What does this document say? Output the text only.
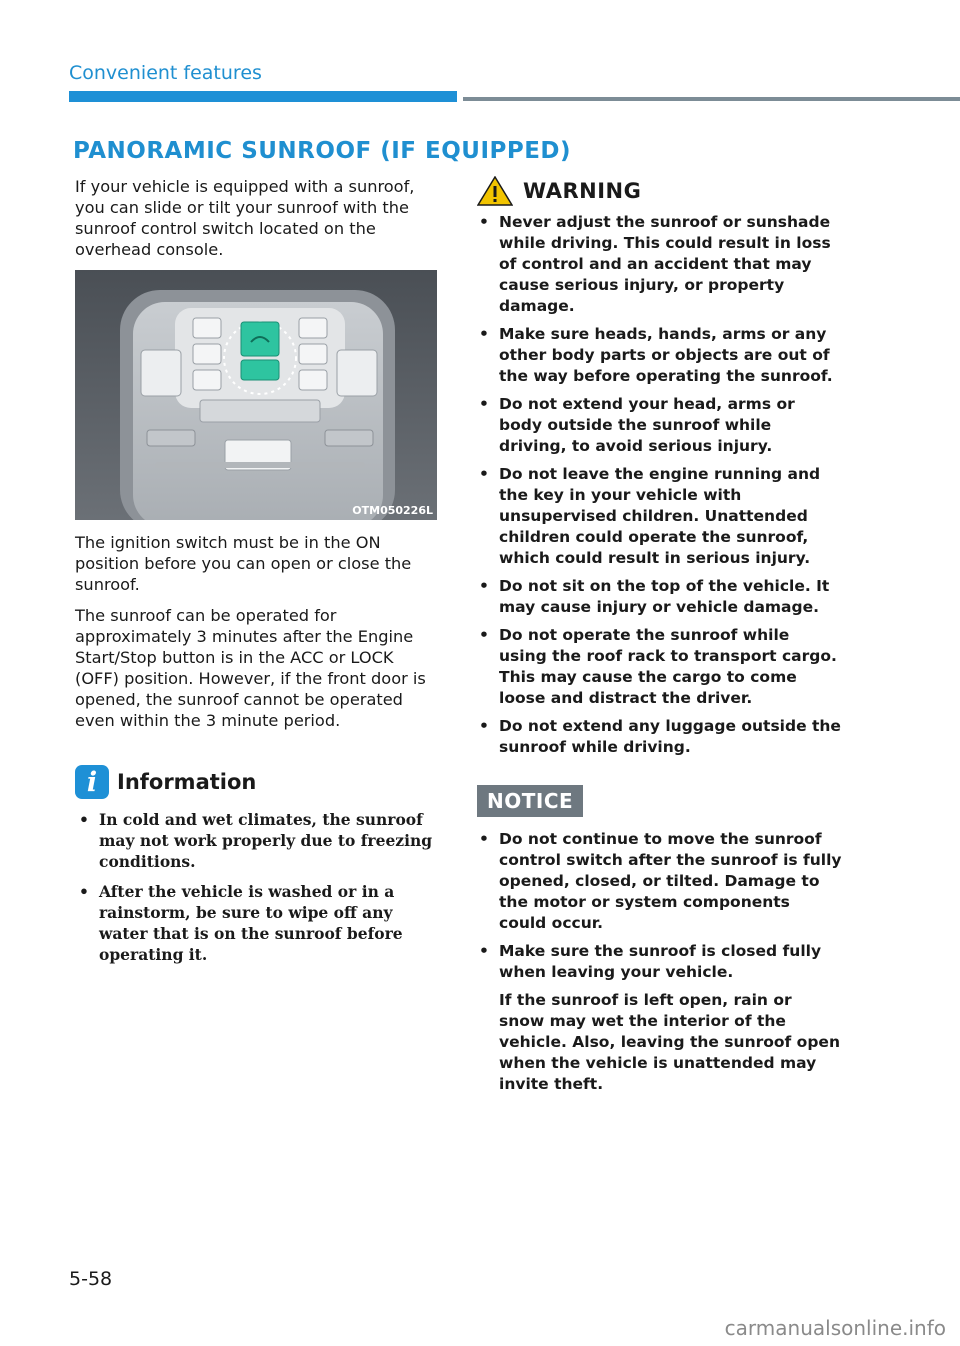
Convenient features
PANORAMIC SUNROOF (IF EQUIPPED)

If your vehicle is equipped with a sunroof, you can slide or tilt your sunroof with the sunroof control switch located on the overhead console.

OTM050226L

The ignition switch must be in the ON position before you can open or close the sunroof.

The sunroof can be operated for approximately 3 minutes after the Engine Start/Stop button is in the ACC or LOCK (OFF) position. However, if the front door is opened, the sunroof cannot be operated even within the 3 minute period.

i Information
• In cold and wet climates, the sunroof may not work properly due to freezing conditions.
• After the vehicle is washed or in a rainstorm, be sure to wipe off any water that is on the sunroof before operating it.
WARNING
• Never adjust the sunroof or sunshade while driving. This could result in loss of control and an accident that may cause serious injury, or property damage.
• Make sure heads, hands, arms or any other body parts or objects are out of the way before operating the sunroof.
• Do not extend your head, arms or body outside the sunroof while driving, to avoid serious injury.
• Do not leave the engine running and the key in your vehicle with unsupervised children. Unattended children could operate the sunroof, which could result in serious injury.
• Do not sit on the top of the vehicle. It may cause injury or vehicle damage.
• Do not operate the sunroof while using the roof rack to transport cargo. This may cause the cargo to come loose and distract the driver.
• Do not extend any luggage outside the sunroof while driving.
NOTICE
• Do not continue to move the sunroof control switch after the sunroof is fully opened, closed, or tilted. Damage to the motor or system components could occur.
• Make sure the sunroof is closed fully when leaving your vehicle.
If the sunroof is left open, rain or snow may wet the interior of the vehicle. Also, leaving the sunroof open when the vehicle is unattended may invite theft.
5-58
carmanualsonline.info
